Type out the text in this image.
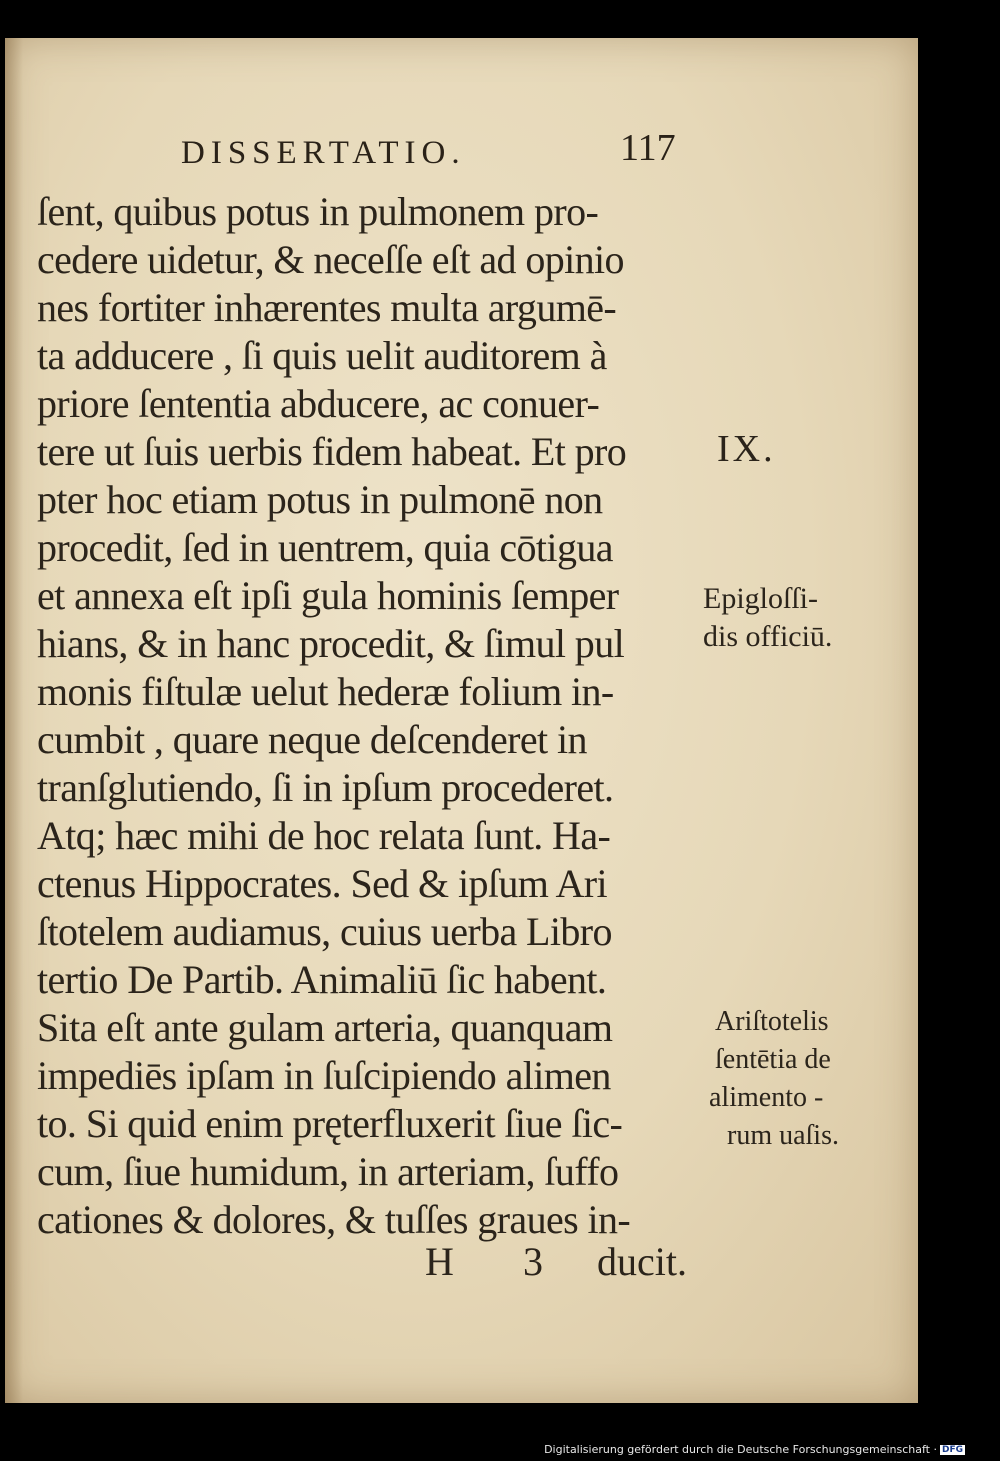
DISSERTATIO.	117
ſent, quibus potus in pulmonem pro-
cedere uidetur, & neceſſe eſt ad opinio
nes fortiter inhærentes multa argumē-
ta adducere , ſi quis uelit auditorem à
priore ſententia abducere, ac conuer-
tere ut ſuis uerbis fidem habeat. Et pro
pter hoc etiam potus in pulmonē non
procedit, ſed in uentrem, quia cōtigua
et annexa eſt ipſi gula hominis ſemper
hians, & in hanc procedit, & ſimul pul
monis fiſtulæ uelut hederæ folium in-
cumbit , quare neque deſcenderet in
tranſglutiendo, ſi in ipſum procederet.
Atq; hæc mihi de hoc relata ſunt. Ha-
ctenus Hippocrates. Sed & ipſum Ari
ſtotelem audiamus, cuius uerba Libro
tertio De Partib. Animaliū ſic habent.
Sita eſt ante gulam arteria, quanquam
impediēs ipſam in ſuſcipiendo alimen
to. Si quid enim pręterfluxerit ſiue ſic-
cum, ſiue humidum, in arteriam, ſuffo
cationes & dolores, & tuſſes graues in-
H 3 ducit.
IX.
Epigloſſi-
dis officiū.
Ariſtotelis
ſentētia de
alimento -
rum uaſis.
Digitalisierung gefördert durch die Deutsche Forschungsgemeinschaft · DFG
